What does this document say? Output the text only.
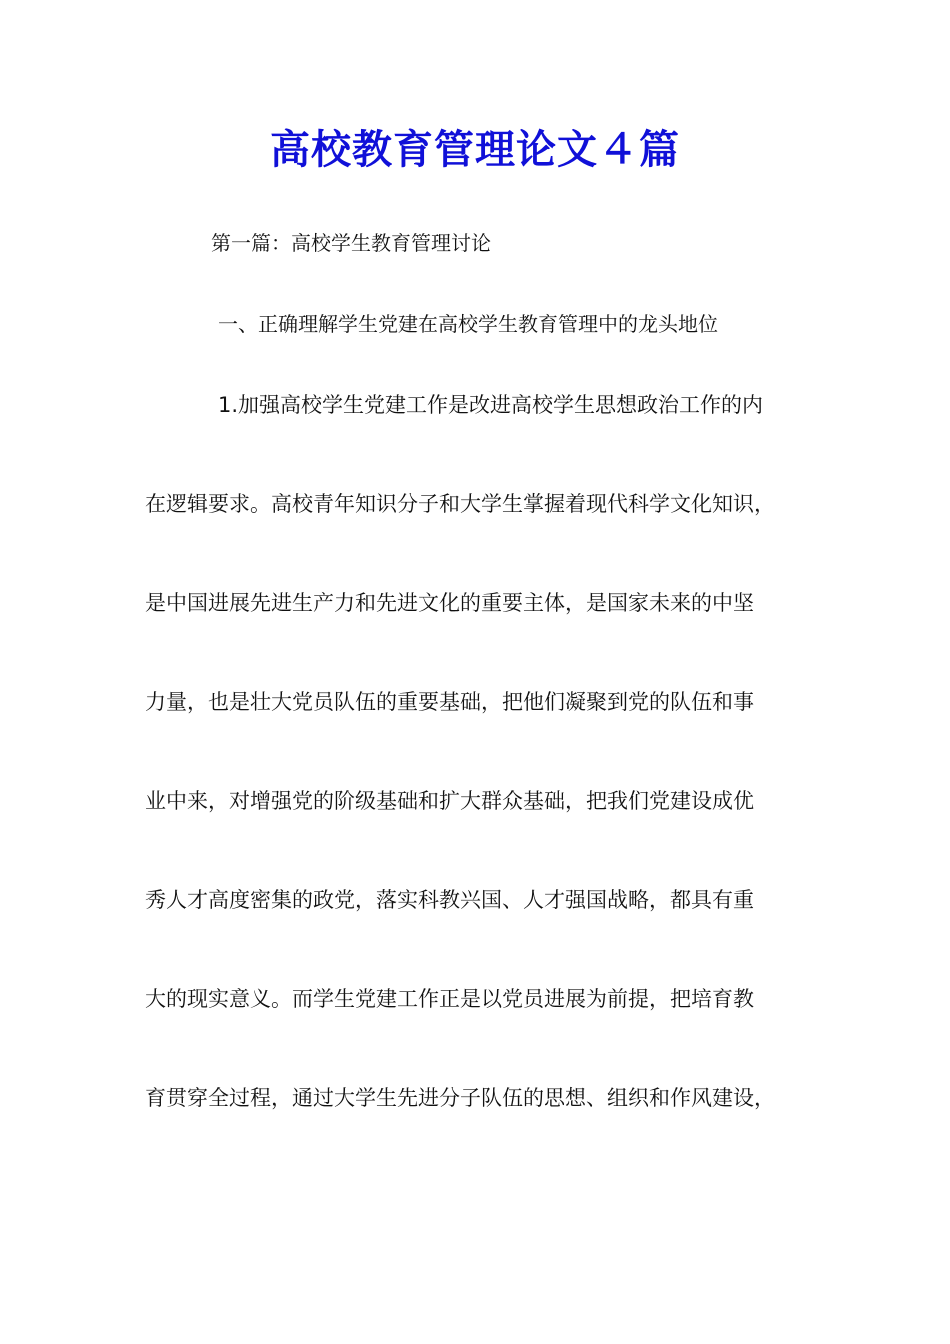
高校教育管理论文４篇
第一篇：高校学生教育管理讨论
一、正确理解学生党建在高校学生教育管理中的龙头地位
1.加强高校学生党建工作是改进高校学生思想政治工作的内
在逻辑要求。高校青年知识分子和大学生掌握着现代科学文化知识，
是中国进展先进生产力和先进文化的重要主体，是国家未来的中坚
力量，也是壮大党员队伍的重要基础，把他们凝聚到党的队伍和事
业中来，对增强党的阶级基础和扩大群众基础，把我们党建设成优
秀人才高度密集的政党，落实科教兴国、人才强国战略，都具有重
大的现实意义。而学生党建工作正是以党员进展为前提，把培育教
育贯穿全过程，通过大学生先进分子队伍的思想、组织和作风建设，
